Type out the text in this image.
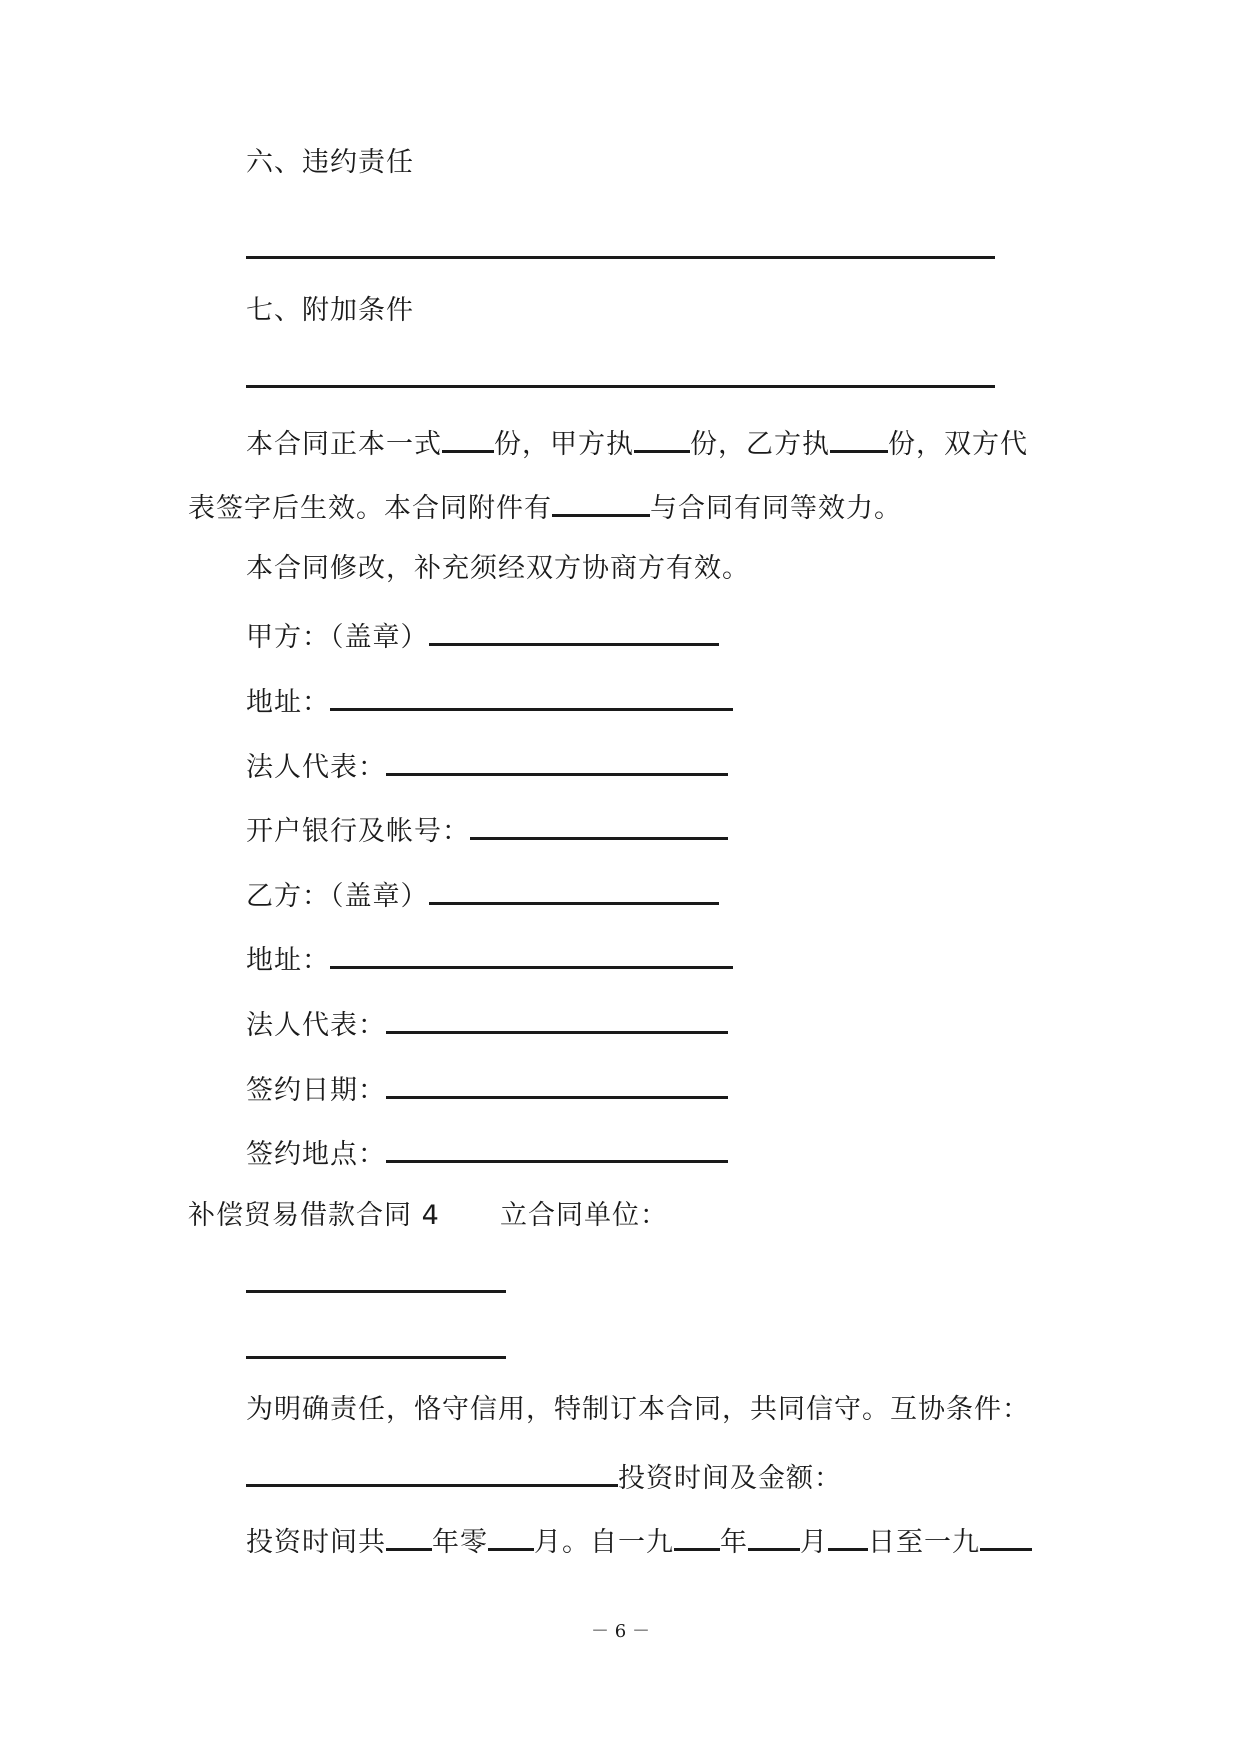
六、违约责任
七、附加条件
本合同正本一式 份，甲方执 份，乙方执 份，双方代
表签字后生效。本合同附件有	与合同有同等效力。
本合同修改，补充须经双方协商方有效。
甲方：（盖章）
地址：
法人代表：
开户银行及帐号：
乙方：（盖章）
地址：
法人代表：
签约日期：
签约地点：
补偿贸易借款合同 4 立合同单位：
为明确责任，恪守信用，特制订本合同，共同信守。互协条件：
投资时间及金额：
投资时间共 年零 月。自一九 年 月 日至一九
－ 6 －
